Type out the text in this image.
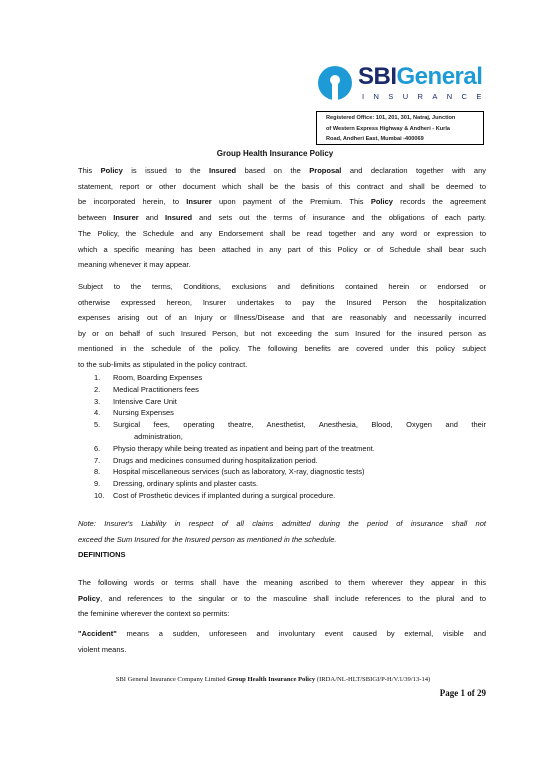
SBIGeneral
INSURANCE
Registered Office: 101, 201, 301, Natraj, Junction
of Western Express Highway & Andheri - Kurla
Road, Andheri East, Mumbai -400069
Group Health Insurance Policy
This Policy is issued to the Insured based on the Proposal and declaration together with any
statement, report or other document which shall be the basis of this contract and shall be deemed to
be incorporated herein, to Insurer upon payment of the Premium. This Policy records the agreement
between Insurer and Insured and sets out the terms of insurance and the obligations of each party.
The Policy, the Schedule and any Endorsement shall be read together and any word or expression to
which a specific meaning has been attached in any part of this Policy or of Schedule shall bear such
meaning whenever it may appear.
Subject to the terms, Conditions, exclusions and definitions contained herein or endorsed or
otherwise expressed hereon, Insurer undertakes to pay the Insured Person the hospitalization
expenses arising out of an Injury or Illness/Disease and that are reasonably and necessarily incurred
by or on behalf of such Insured Person, but not exceeding the sum Insured for the insured person as
mentioned in the schedule of the policy. The following benefits are covered under this policy subject
to the sub-limits as stipulated in the policy contract.
1. Room, Boarding Expenses
2. Medical Practitioners fees
3. Intensive Care Unit
4. Nursing Expenses
5. Surgical fees, operating theatre, Anesthetist, Anesthesia, Blood, Oxygen and their
administration,
6. Physio therapy while being treated as inpatient and being part of the treatment.
7. Drugs and medicines consumed during hospitalization period.
8. Hospital miscellaneous services (such as laboratory, X-ray, diagnostic tests)
9. Dressing, ordinary splints and plaster casts.
10. Cost of Prosthetic devices if implanted during a surgical procedure.
Note: Insurer's Liability in respect of all claims admitted during the period of insurance shall not
exceed the Sum Insured for the Insured person as mentioned in the schedule.
DEFINITIONS
The following words or terms shall have the meaning ascribed to them wherever they appear in this
Policy, and references to the singular or to the masculine shall include references to the plural and to
the feminine wherever the context so permits:
"Accident" means a sudden, unforeseen and involuntary event caused by external, visible and
violent means.
SBI General Insurance Company Limited Group Health Insurance Policy (IRDA/NL-HLT/SBIGI/P-H/V.1/39/13-14)
Page 1 of 29
